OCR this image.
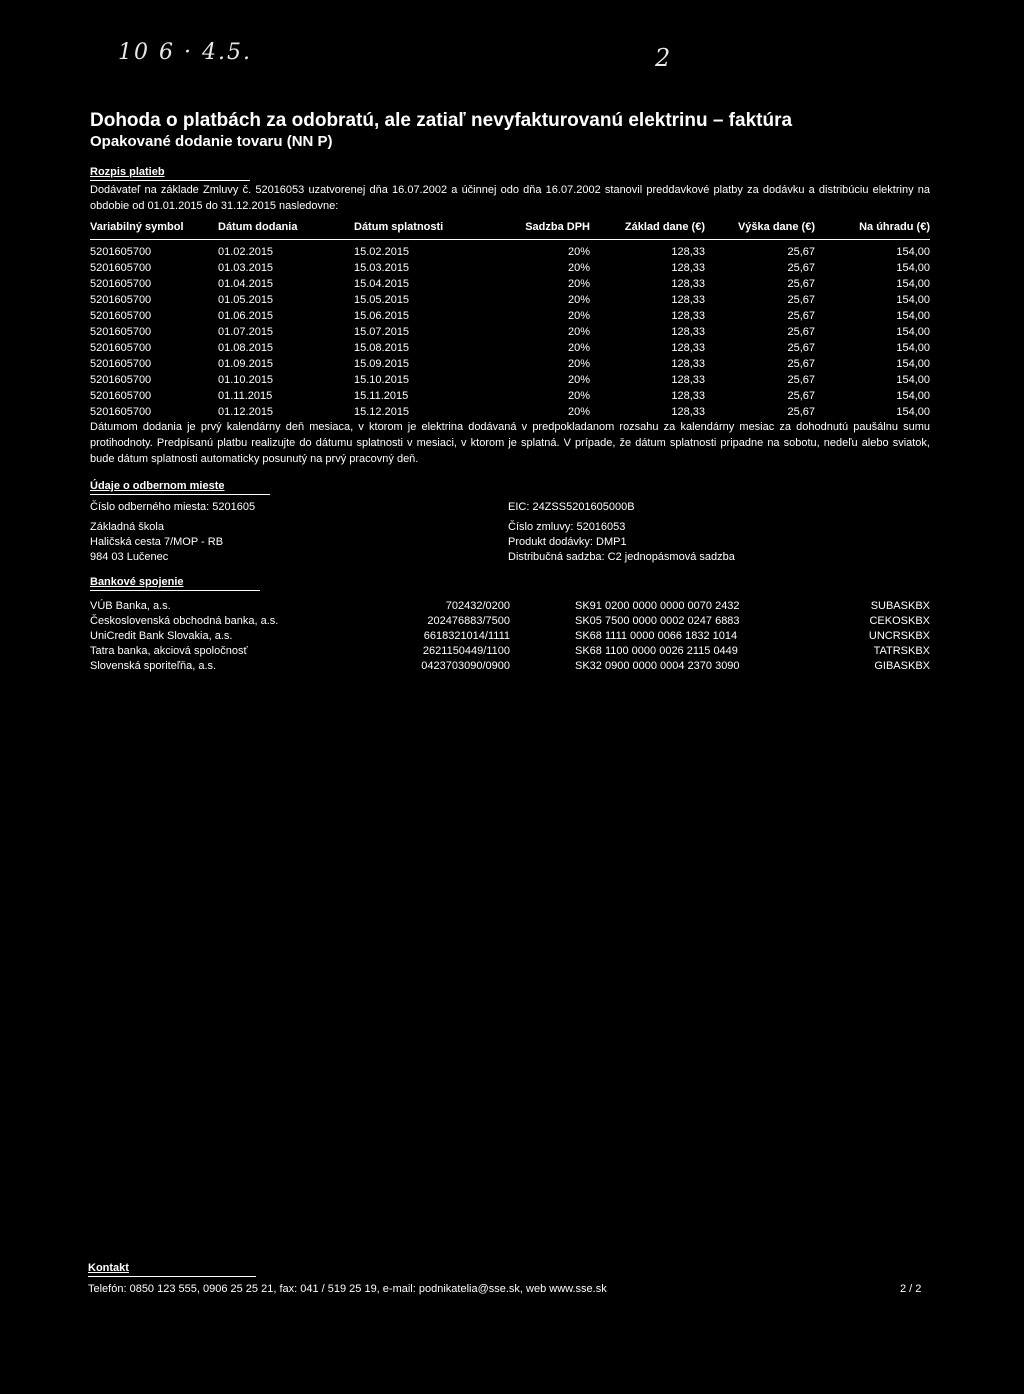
10 6 · 4.5.	2
Dohoda o platbách za odobratú, ale zatiaľ nevyfakturovanú elektrinu – faktúra
Opakované dodanie tovaru (NN P)
Rozpis platieb
Dodávateľ na základe Zmluvy č. 52016053 uzatvorenej dňa 16.07.2002 a účinnej odo dňa 16.07.2002 stanovil preddavkové platby za dodávku a distribúciu elektriny na obdobie od 01.01.2015 do 31.12.2015 nasledovne:
Variabilný symbol	Dátum dodania	Dátum splatnosti	Sadzba DPH	Základ dane (€)	Výška dane (€)	Na úhradu (€)
5201605700	01.02.2015	15.02.2015	20%	128,33	25,67	154,00
5201605700	01.03.2015	15.03.2015	20%	128,33	25,67	154,00
5201605700	01.04.2015	15.04.2015	20%	128,33	25,67	154,00
5201605700	01.05.2015	15.05.2015	20%	128,33	25,67	154,00
5201605700	01.06.2015	15.06.2015	20%	128,33	25,67	154,00
5201605700	01.07.2015	15.07.2015	20%	128,33	25,67	154,00
5201605700	01.08.2015	15.08.2015	20%	128,33	25,67	154,00
5201605700	01.09.2015	15.09.2015	20%	128,33	25,67	154,00
5201605700	01.10.2015	15.10.2015	20%	128,33	25,67	154,00
5201605700	01.11.2015	15.11.2015	20%	128,33	25,67	154,00
5201605700	01.12.2015	15.12.2015	20%	128,33	25,67	154,00
Dátumom dodania je prvý kalendárny deň mesiaca, v ktorom je elektrina dodávaná v predpokladanom rozsahu za kalendárny mesiac za dohodnutú paušálnu sumu protihodnoty. Predpísanú platbu realizujte do dátumu splatnosti v mesiaci, v ktorom je splatná. V prípade, že dátum splatnosti pripadne na sobotu, nedeľu alebo sviatok, bude dátum splatnosti automaticky posunutý na prvý pracovný deň.
Údaje o odbernom mieste
Číslo odberného miesta: 5201605	EIC: 24ZSS5201605000B
Základná škola
Haličská cesta 7/MOP - RB
984 03 Lučenec
Číslo zmluvy: 52016053
Produkt dodávky: DMP1
Distribučná sadzba: C2 jednopásmová sadzba
Bankové spojenie
VÚB Banka, a.s.	702432/0200	SK91 0200 0000 0000 0070 2432	SUBASKBX
Československá obchodná banka, a.s.	202476883/7500	SK05 7500 0000 0002 0247 6883	CEKOSKBX
UniCredit Bank Slovakia, a.s.	6618321014/1111	SK68 1111 0000 0066 1832 1014	UNCRSKBX
Tatra banka, akciová spoločnosť	2621150449/1100	SK68 1100 0000 0026 2115 0449	TATRSKBX
Slovenská sporiteľňa, a.s.	0423703090/0900	SK32 0900 0000 0004 2370 3090	GIBASKBX
Kontakt
Telefón: 0850 123 555, 0906 25 25 21, fax: 041 / 519 25 19, e-mail: podnikatelia@sse.sk, web www.sse.sk	2 / 2
